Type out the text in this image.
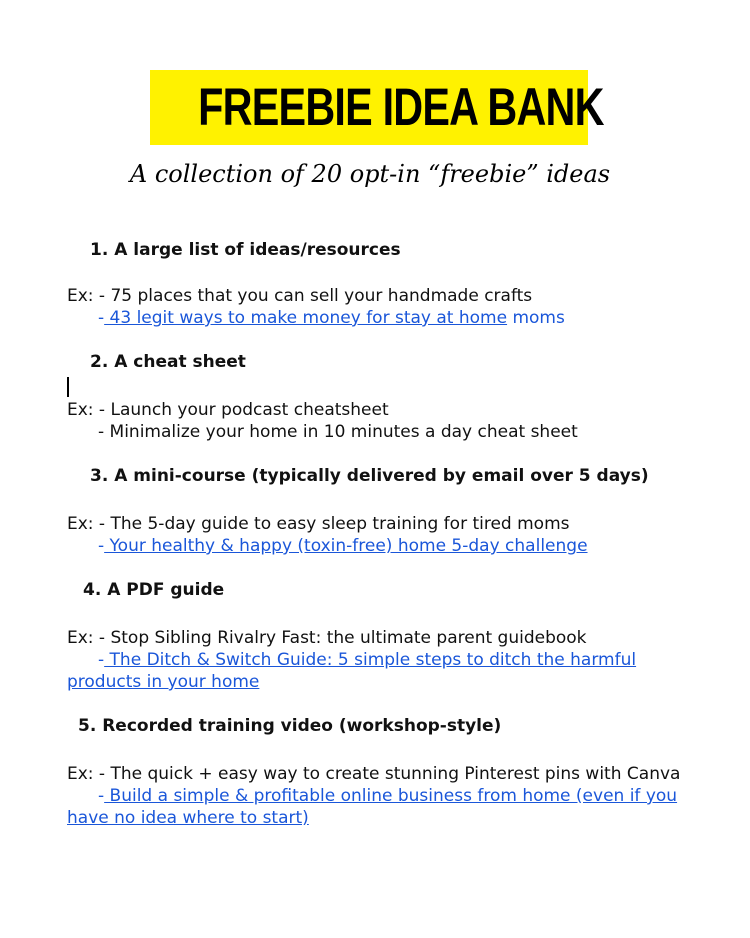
FREEBIE IDEA BANK
A collection of 20 opt-in “freebie” ideas
1. A large list of ideas/resources
Ex: - 75 places that you can sell your handmade crafts
- 43 legit ways to make money for stay at home moms
2. A cheat sheet
Ex: - Launch your podcast cheatsheet
- Minimalize your home in 10 minutes a day cheat sheet
3. A mini-course (typically delivered by email over 5 days)
Ex: - The 5-day guide to easy sleep training for tired moms
- Your healthy & happy (toxin-free) home 5-day challenge
4. A PDF guide
Ex: - Stop Sibling Rivalry Fast: the ultimate parent guidebook
- The Ditch & Switch Guide: 5 simple steps to ditch the harmful
products in your home
5. Recorded training video (workshop-style)
Ex: - The quick + easy way to create stunning Pinterest pins with Canva
- Build a simple & profitable online business from home (even if you
have no idea where to start)
